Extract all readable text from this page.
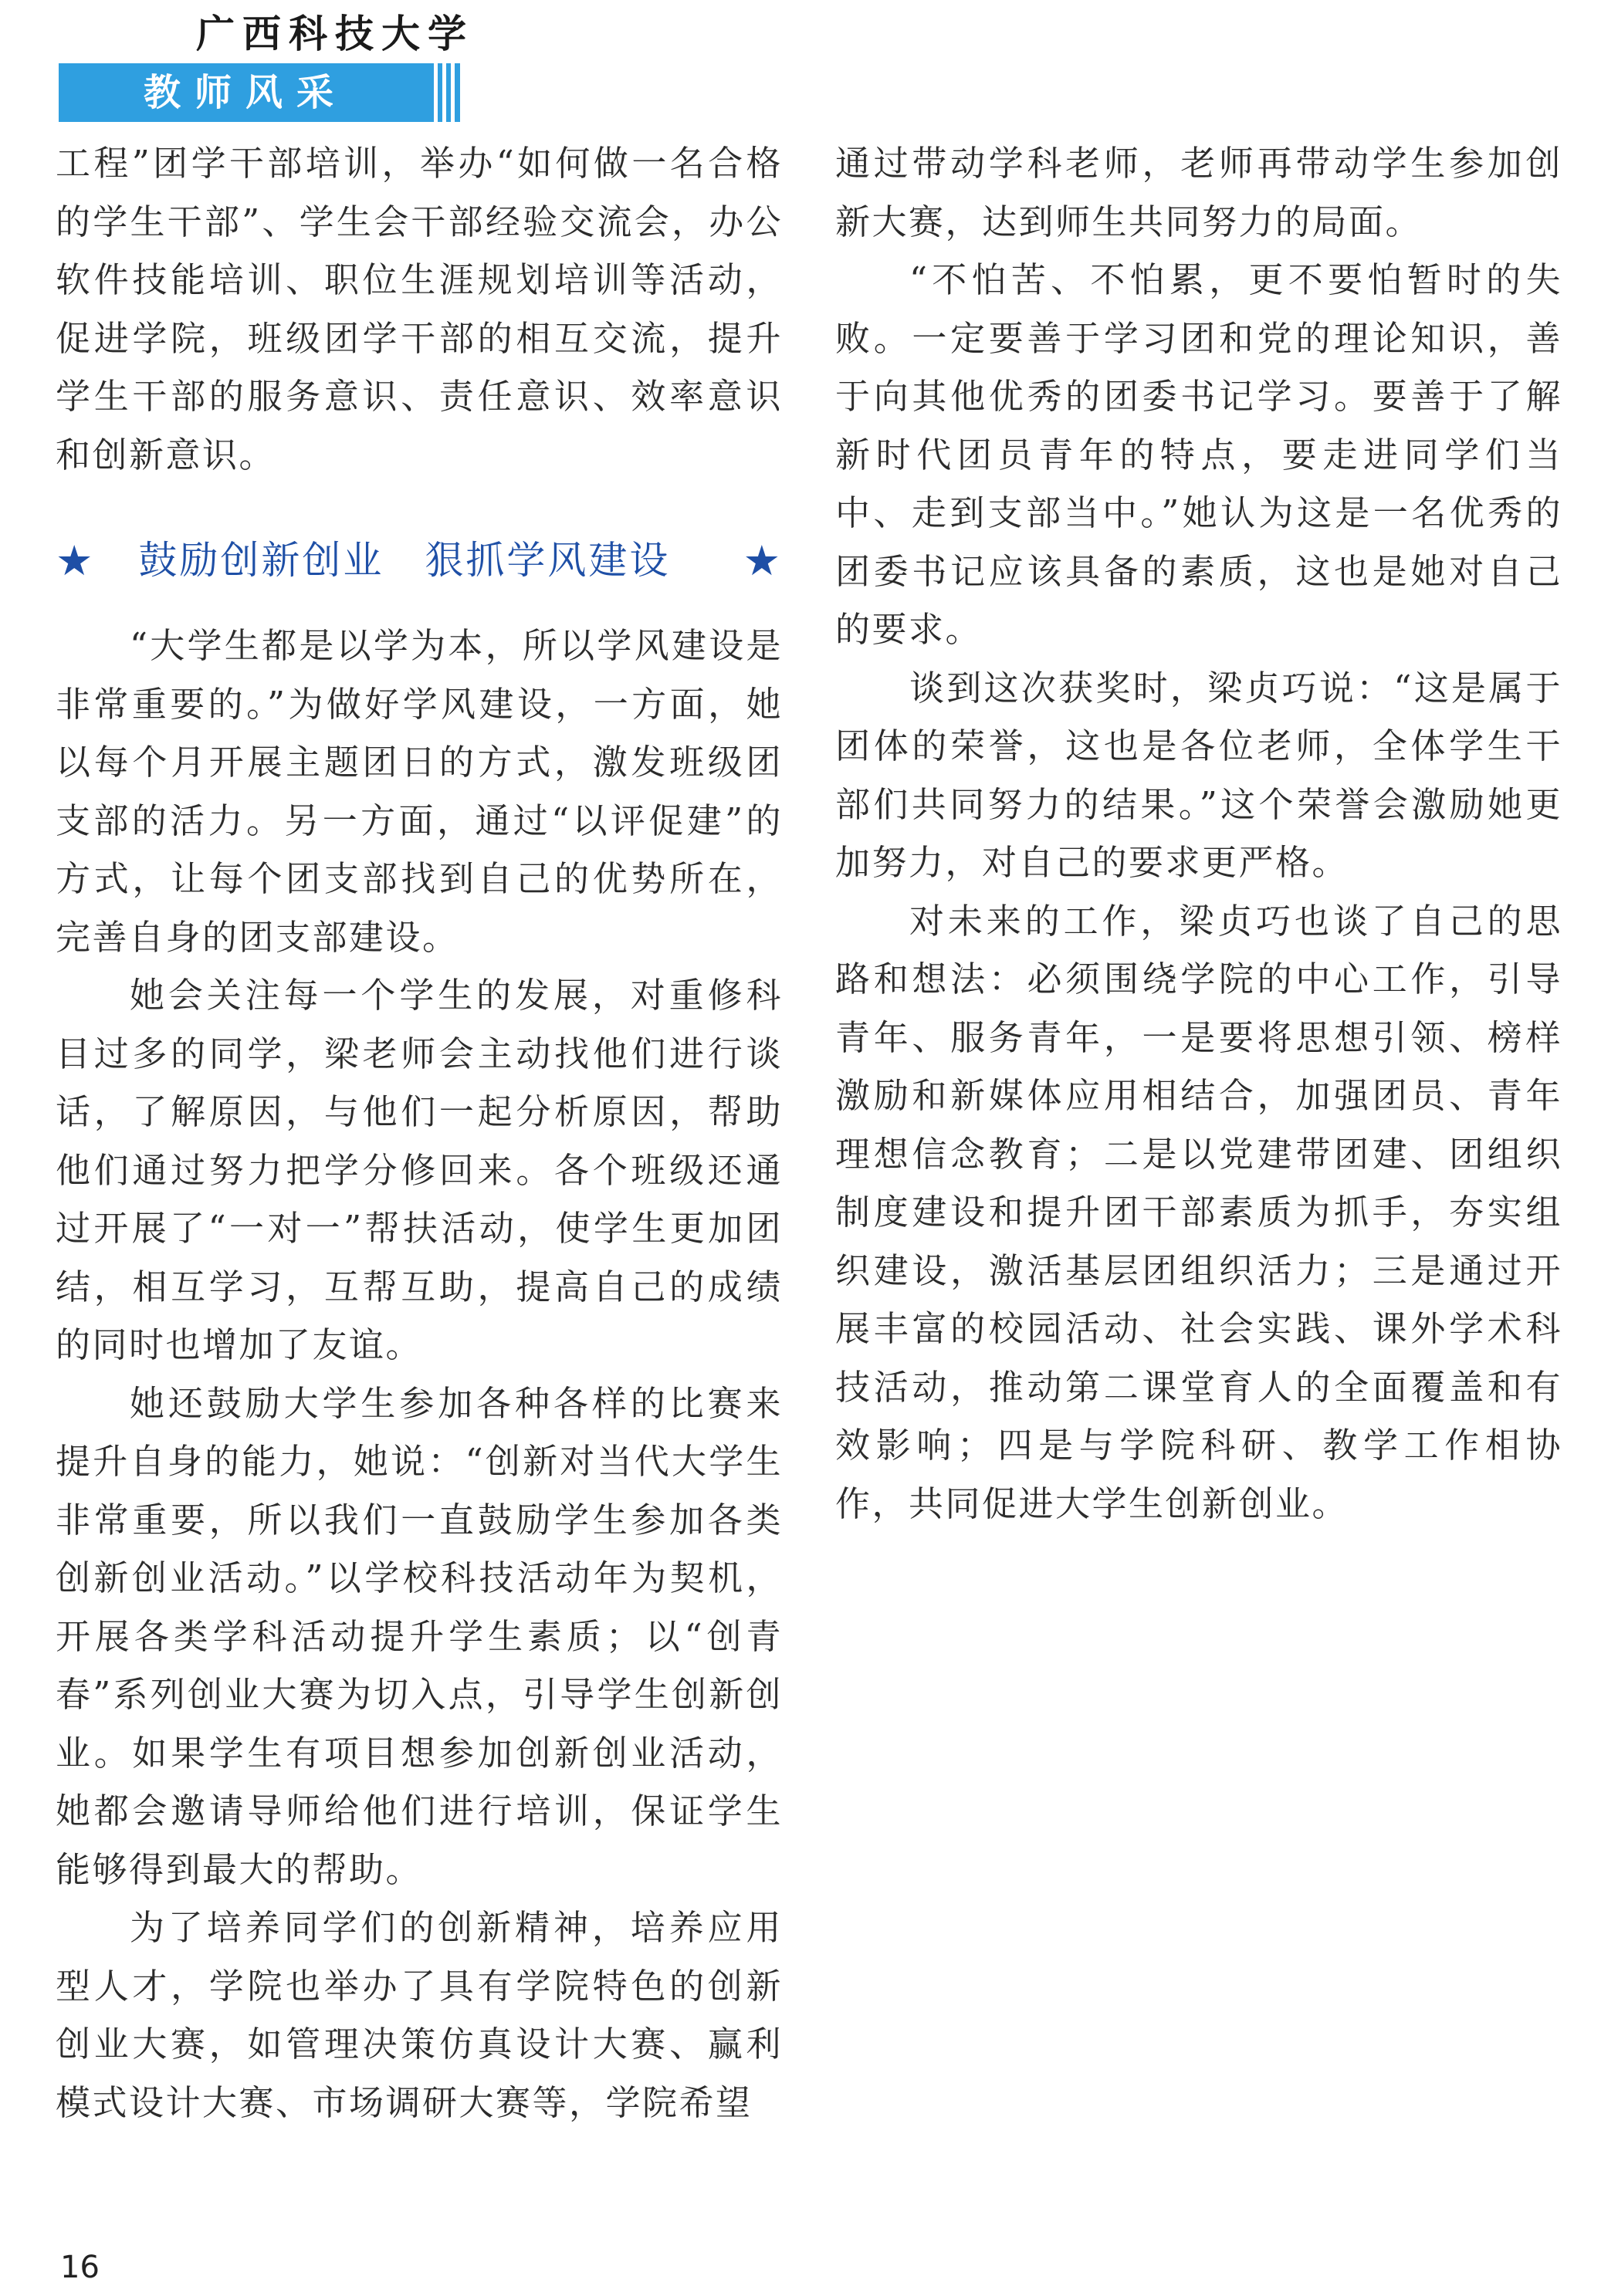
广西科技大学
教师风采

工程”团学干部培训，举办“如何做一名合格的学生干部”、学生会干部经验交流会，办公软件技能培训、职位生涯规划培训等活动，促进学院，班级团学干部的相互交流，提升学生干部的服务意识、责任意识、效率意识和创新意识。

★	鼓励创新创业　狠抓学风建设	★

“大学生都是以学为本，所以学风建设是非常重要的。”为做好学风建设，一方面，她以每个月开展主题团日的方式，激发班级团支部的活力。另一方面，通过“以评促建”的方式，让每个团支部找到自己的优势所在，完善自身的团支部建设。

她会关注每一个学生的发展，对重修科目过多的同学，梁老师会主动找他们进行谈话，了解原因，与他们一起分析原因，帮助他们通过努力把学分修回来。各个班级还通过开展了“一对一”帮扶活动，使学生更加团结，相互学习，互帮互助，提高自己的成绩的同时也增加了友谊。

她还鼓励大学生参加各种各样的比赛来提升自身的能力，她说：“创新对当代大学生非常重要，所以我们一直鼓励学生参加各类创新创业活动。”以学校科技活动年为契机，开展各类学科活动提升学生素质；以“创青春”系列创业大赛为切入点，引导学生创新创业。如果学生有项目想参加创新创业活动，她都会邀请导师给他们进行培训，保证学生能够得到最大的帮助。

为了培养同学们的创新精神，培养应用型人才，学院也举办了具有学院特色的创新创业大赛，如管理决策仿真设计大赛、赢利模式设计大赛、市场调研大赛等，学院希望

通过带动学科老师，老师再带动学生参加创新大赛，达到师生共同努力的局面。

“不怕苦、不怕累，更不要怕暂时的失败。一定要善于学习团和党的理论知识，善于向其他优秀的团委书记学习。要善于了解新时代团员青年的特点，要走进同学们当中、走到支部当中。”她认为这是一名优秀的团委书记应该具备的素质，这也是她对自己的要求。

谈到这次获奖时，梁贞巧说：“这是属于团体的荣誉，这也是各位老师，全体学生干部们共同努力的结果。”这个荣誉会激励她更加努力，对自己的要求更严格。

对未来的工作，梁贞巧也谈了自己的思路和想法：必须围绕学院的中心工作，引导青年、服务青年，一是要将思想引领、榜样激励和新媒体应用相结合，加强团员、青年理想信念教育；二是以党建带团建、团组织制度建设和提升团干部素质为抓手，夯实组织建设，激活基层团组织活力；三是通过开展丰富的校园活动、社会实践、课外学术科技活动，推动第二课堂育人的全面覆盖和有效影响；四是与学院科研、教学工作相协作，共同促进大学生创新创业。

16
